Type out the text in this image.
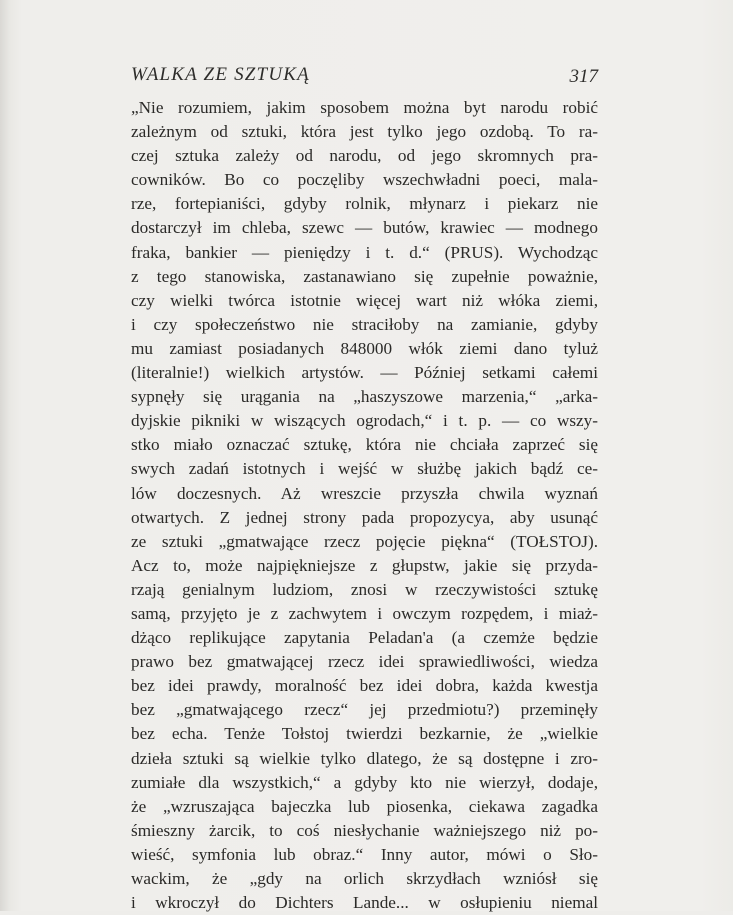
WALKA ZE SZTUKĄ	317
„Nie rozumiem, jakim sposobem można byt narodu robić
zależnym od sztuki, która jest tylko jego ozdobą. To ra-
czej sztuka zależy od narodu, od jego skromnych pra-
cowników. Bo co poczęliby wszechwładni poeci, mala-
rze, fortepianiści, gdyby rolnik, młynarz i piekarz nie
dostarczył im chleba, szewc — butów, krawiec — modnego
fraka, bankier — pieniędzy i t. d.“ (PRUS). Wychodząc
z tego stanowiska, zastanawiano się zupełnie poważnie,
czy wielki twórca istotnie więcej wart niż włóka ziemi,
i czy społeczeństwo nie straciłoby na zamianie, gdyby
mu zamiast posiadanych 848000 włók ziemi dano tyluż
(literalnie!) wielkich artystów. — Później setkami całemi
sypnęły się urągania na „haszyszowe marzenia,“ „arka-
dyjskie pikniki w wiszących ogrodach,“ i t. p. — co wszy-
stko miało oznaczać sztukę, która nie chciała zaprzeć się
swych zadań istotnych i wejść w służbę jakich bądź ce-
lów doczesnych. Aż wreszcie przyszła chwila wyznań
otwartych. Z jednej strony pada propozycya, aby usunąć
ze sztuki „gmatwające rzecz pojęcie piękna“ (TOŁSTOJ).
Acz to, może najpiękniejsze z głupstw, jakie się przyda-
rzają genialnym ludziom, znosi w rzeczywistości sztukę
samą, przyjęto je z zachwytem i owczym rozpędem, i miaż-
dżąco replikujące zapytania Peladan'a (a czemże będzie
prawo bez gmatwającej rzecz idei sprawiedliwości, wiedza
bez idei prawdy, moralność bez idei dobra, każda kwestja
bez „gmatwającego rzecz“ jej przedmiotu?) przeminęły
bez echa. Tenże Tołstoj twierdzi bezkarnie, że „wielkie
dzieła sztuki są wielkie tylko dlatego, że są dostępne i zro-
zumiałe dla wszystkich,“ a gdyby kto nie wierzył, dodaje,
że „wzruszająca bajeczka lub piosenka, ciekawa zagadka
śmieszny żarcik, to coś niesłychanie ważniejszego niż po-
wieść, symfonia lub obraz.“ Inny autor, mówi o Sło-
wackim, że „gdy na orlich skrzydłach wzniósł się
i wkroczył do Dichters Lande... w osłupieniu niemal
